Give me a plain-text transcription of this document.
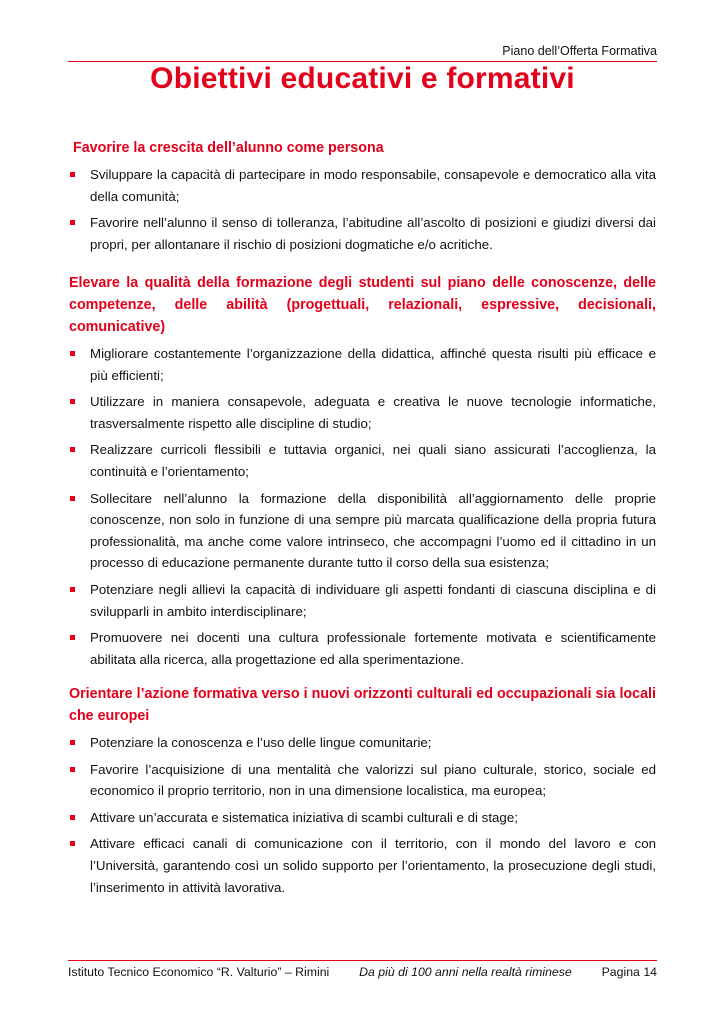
Piano dell’Offerta Formativa
Obiettivi educativi e formativi
Favorire la crescita dell’alunno come persona
Sviluppare la capacità di partecipare in modo responsabile, consapevole e democratico alla vita della comunità;
Favorire nell’alunno il senso di tolleranza, l’abitudine all’ascolto di posizioni e giudizi diversi dai propri, per allontanare il rischio di posizioni dogmatiche e/o acritiche.
Elevare la qualità della formazione degli studenti sul piano delle conoscenze, delle competenze, delle abilità (progettuali, relazionali, espressive, decisionali, comunicative)
Migliorare costantemente l’organizzazione della didattica, affinché questa risulti più efficace e più efficienti;
Utilizzare in maniera consapevole, adeguata e creativa le nuove tecnologie informatiche, trasversalmente rispetto alle discipline di studio;
Realizzare curricoli flessibili e tuttavia organici, nei quali siano assicurati l’accoglienza, la continuità e l’orientamento;
Sollecitare nell’alunno la formazione della disponibilità all’aggiornamento delle proprie conoscenze, non solo in funzione di una sempre più marcata qualificazione della propria futura professionalità, ma anche come valore intrinseco, che accompagni l’uomo ed il cittadino in un processo di educazione permanente durante tutto il corso della sua esistenza;
Potenziare negli allievi la capacità di individuare gli aspetti fondanti di ciascuna disciplina e di svilupparli in ambito interdisciplinare;
Promuovere nei docenti una cultura professionale fortemente motivata e scientificamente abilitata alla ricerca, alla progettazione ed alla sperimentazione.
Orientare l’azione formativa verso i nuovi orizzonti culturali ed occupazionali sia locali che europei
Potenziare la conoscenza e l’uso delle lingue comunitarie;
Favorire l’acquisizione di una mentalità che valorizzi sul piano culturale, storico, sociale ed economico il proprio territorio, non in una dimensione localistica, ma europea;
Attivare un’accurata e sistematica iniziativa di scambi culturali e di stage;
Attivare efficaci canali di comunicazione con il territorio, con il mondo del lavoro e con l’Università, garantendo così un solido supporto per l’orientamento, la prosecuzione degli studi, l’inserimento in attività lavorativa.
Istituto Tecnico Economico “R. Valturio” – Rimini Da più di 100 anni nella realtà riminese Pagina 14
